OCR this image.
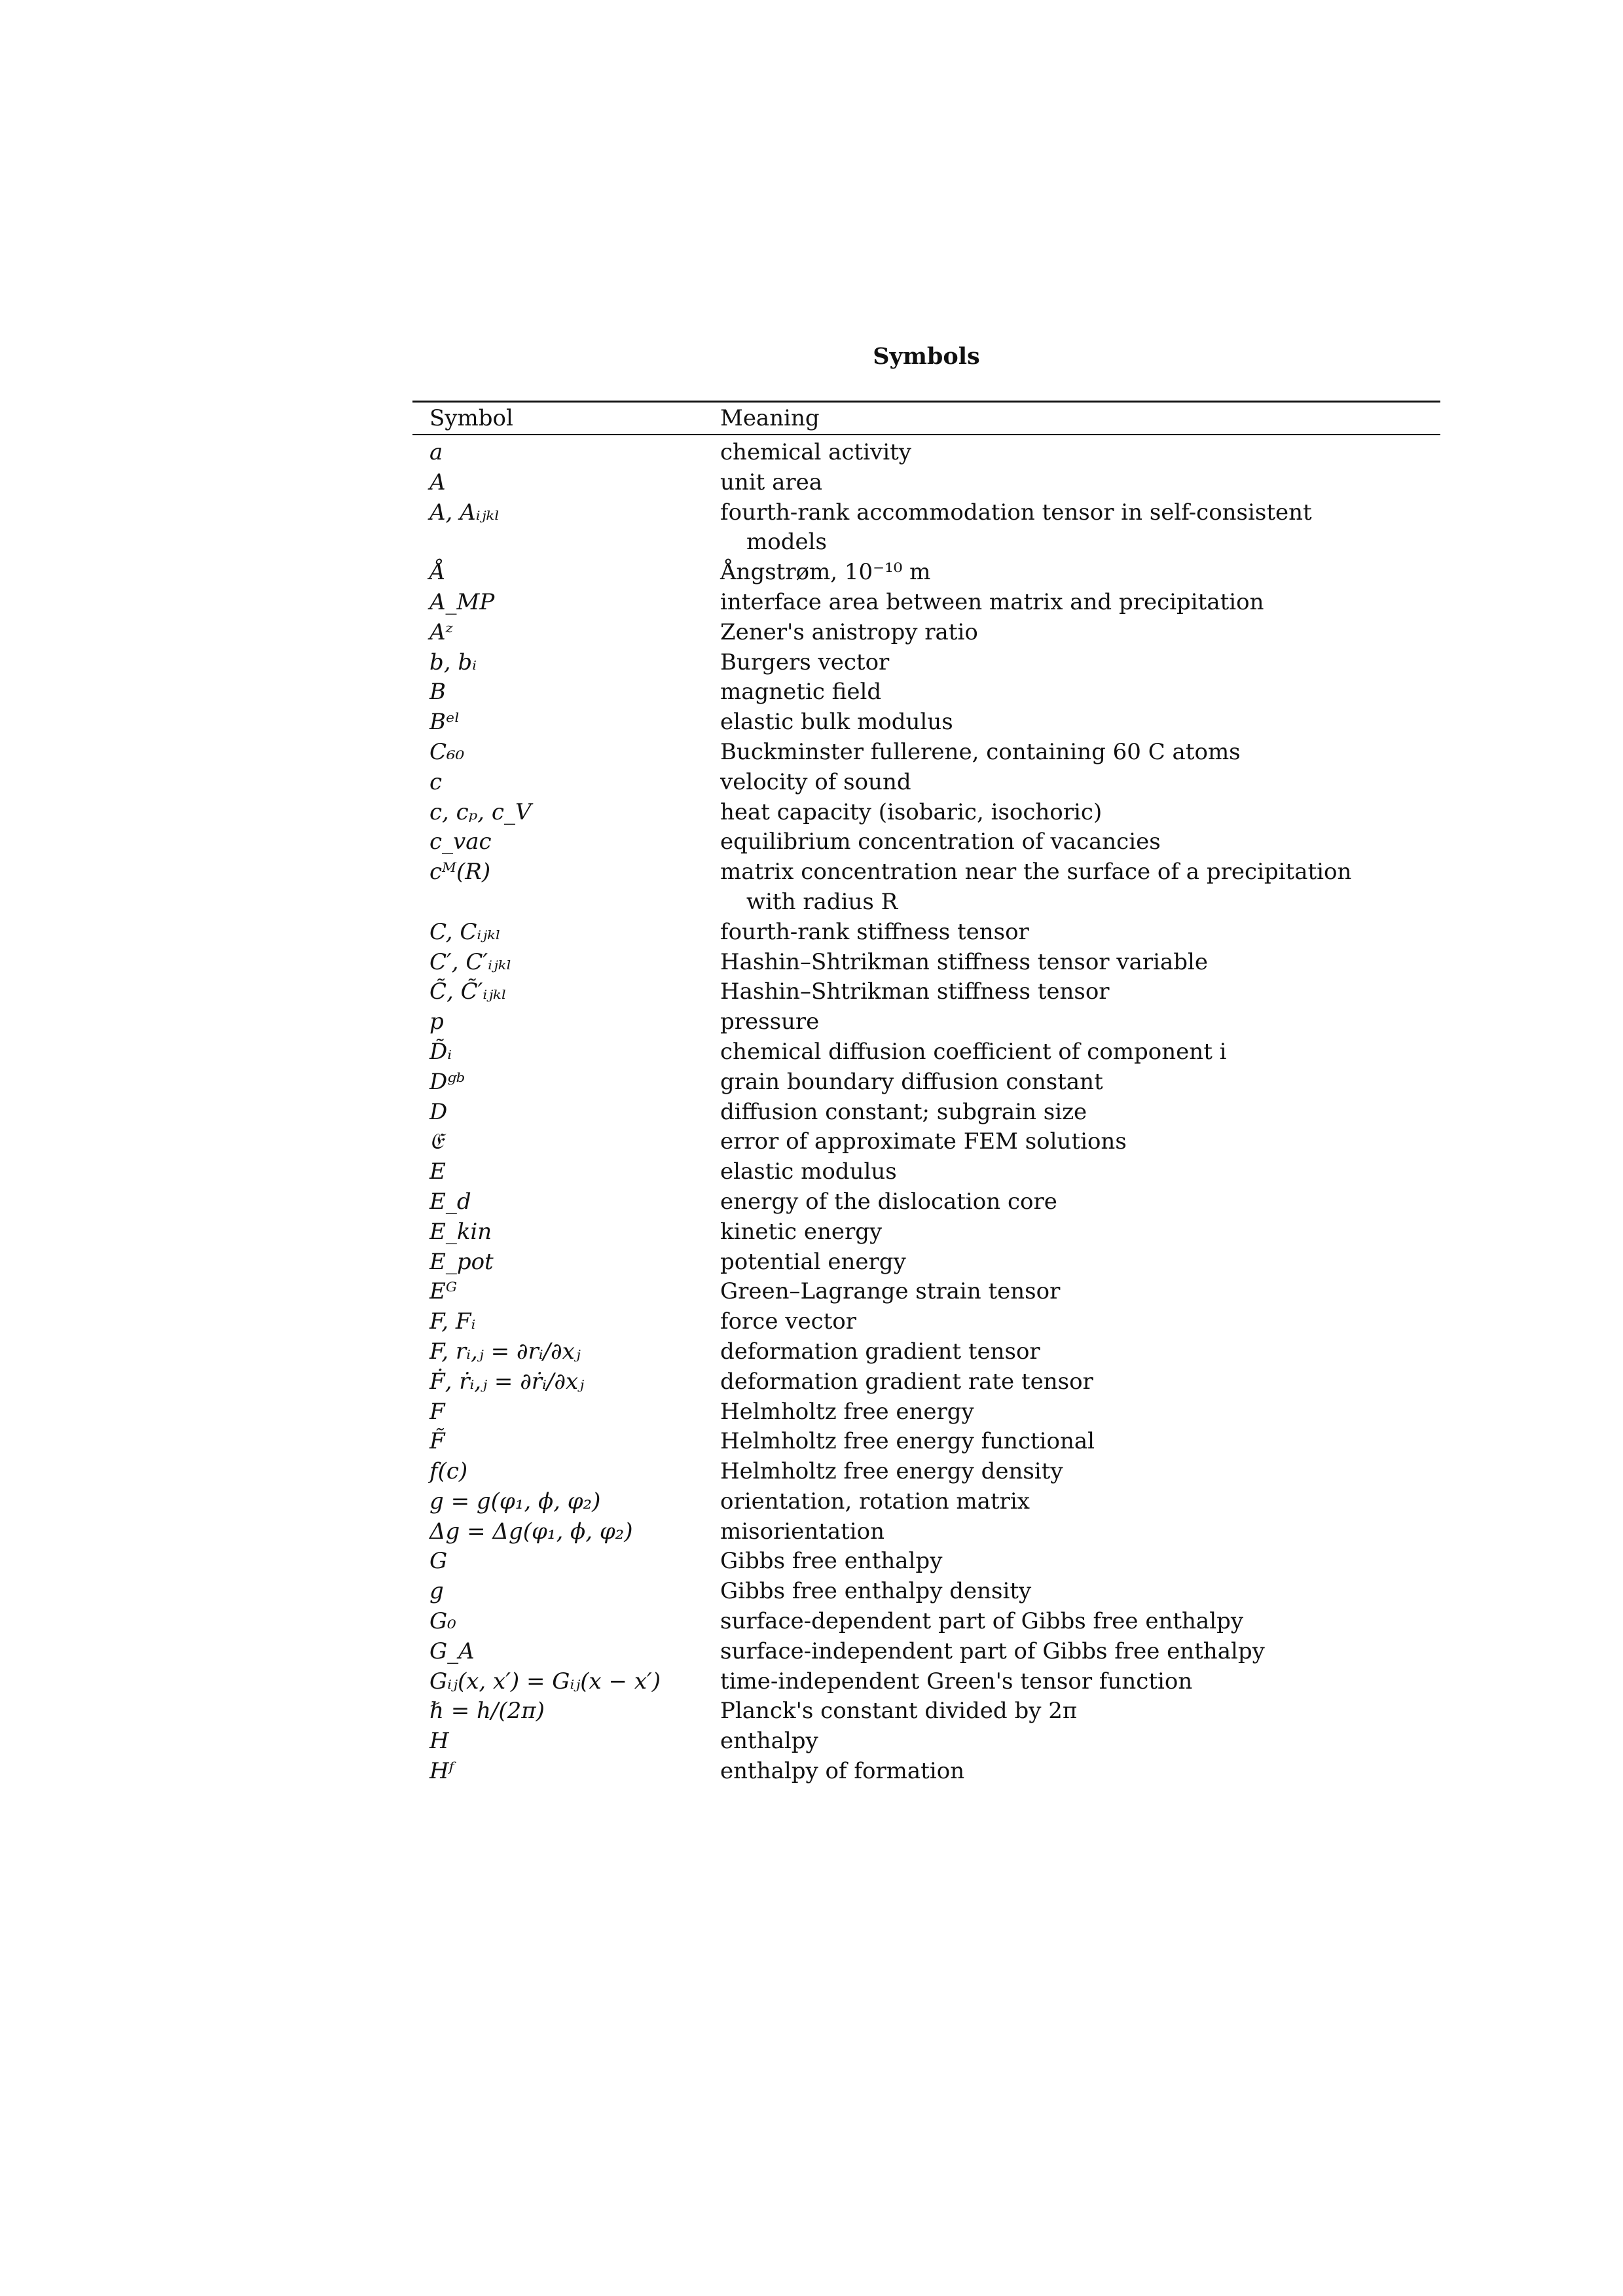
Symbols
Symbol	Meaning
a	chemical activity
A	unit area
A, Aᵢⱼₖₗ	fourth-rank accommodation tensor in self-consistent models
Å	Ångstrøm, 10⁻¹⁰ m
A_MP	interface area between matrix and precipitation
Aᶻ	Zener's anistropy ratio
b, bᵢ	Burgers vector
B	magnetic field
Bᵉˡ	elastic bulk modulus
C₆₀	Buckminster fullerene, containing 60 C atoms
c	velocity of sound
c, cₚ, c_V	heat capacity (isobaric, isochoric)
c_vac	equilibrium concentration of vacancies
cᴹ(R)	matrix concentration near the surface of a precipitation with radius R
C, Cᵢⱼₖₗ	fourth-rank stiffness tensor
C′, C′ᵢⱼₖₗ	Hashin–Shtrikman stiffness tensor variable
C̃, C̃′ᵢⱼₖₗ	Hashin–Shtrikman stiffness tensor
p	pressure
D̃ᵢ	chemical diffusion coefficient of component i
Dᵍᵇ	grain boundary diffusion constant
D	diffusion constant; subgrain size
𝔈	error of approximate FEM solutions
E	elastic modulus
E_d	energy of the dislocation core
E_kin	kinetic energy
E_pot	potential energy
Eᴳ	Green–Lagrange strain tensor
F, Fᵢ	force vector
F, rᵢ,ⱼ = ∂rᵢ/∂xⱼ	deformation gradient tensor
Ḟ, ṙᵢ,ⱼ = ∂ṙᵢ/∂xⱼ	deformation gradient rate tensor
F	Helmholtz free energy
F̃	Helmholtz free energy functional
f(c)	Helmholtz free energy density
g = g(φ₁, ϕ, φ₂)	orientation, rotation matrix
Δg = Δg(φ₁, ϕ, φ₂)	misorientation
G	Gibbs free enthalpy
g	Gibbs free enthalpy density
G₀	surface-dependent part of Gibbs free enthalpy
G_A	surface-independent part of Gibbs free enthalpy
Gᵢⱼ(x, x′) = Gᵢⱼ(x − x′)	time-independent Green's tensor function
ℏ = h/(2π)	Planck's constant divided by 2π
H	enthalpy
Hᶠ	enthalpy of formation
